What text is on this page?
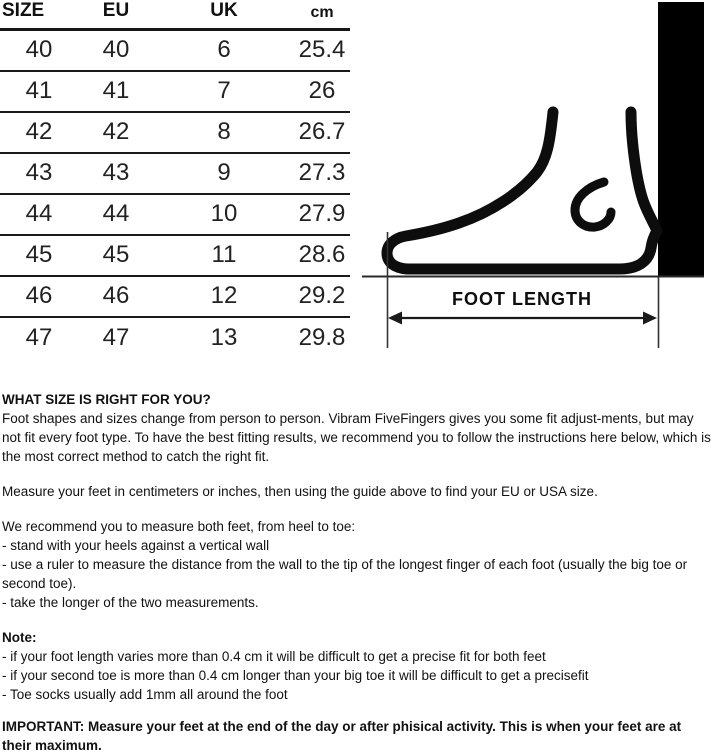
SIZE	EU	UK	cm
40	40	6	25.4
41	41	7	26
42	42	8	26.7
43	43	9	27.3
44	44	10	27.9
45	45	11	28.6
46	46	12	29.2
47	47	13	29.8
FOOT LENGTH
WHAT SIZE IS RIGHT FOR YOU?
Foot shapes and sizes change from person to person. Vibram FiveFingers gives you some fit adjust-ments, but may not fit every foot type. To have the best fitting results, we recommend you to follow the instructions here below, which is the most correct method to catch the right fit.
Measure your feet in centimeters or inches, then using the guide above to find your EU or USA size.
We recommend you to measure both feet, from heel to toe:
- stand with your heels against a vertical wall
- use a ruler to measure the distance from the wall to the tip of the longest finger of each foot (usually the big toe or second toe).
- take the longer of the two measurements.
Note:
- if your foot length varies more than 0.4 cm it will be difficult to get a precise fit for both feet
- if your second toe is more than 0.4 cm longer than your big toe it will be difficult to get a precisefit
- Toe socks usually add 1mm all around the foot
IMPORTANT: Measure your feet at the end of the day or after phisical activity. This is when your feet are at their maximum.
